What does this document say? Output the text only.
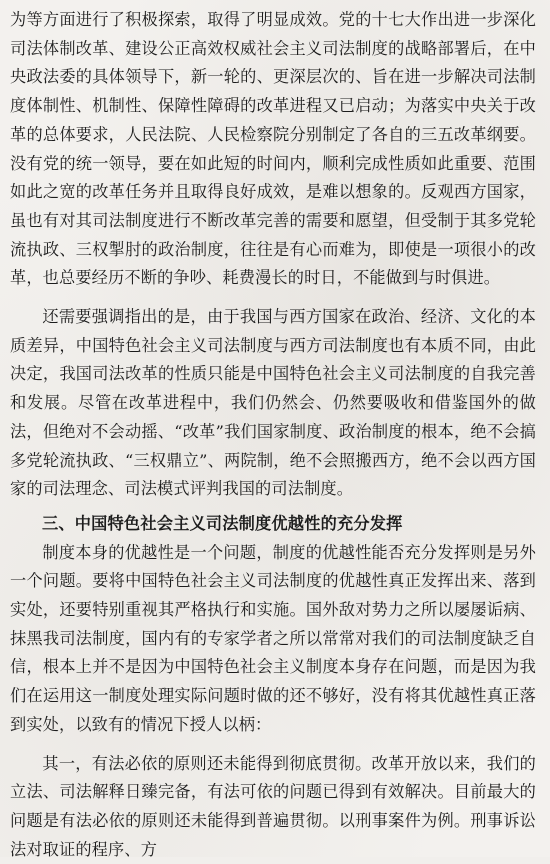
为等方面进行了积极探索，取得了明显成效。党的十七大作出进一步深化司法体制改革、建设公正高效权威社会主义司法制度的战略部署后，在中央政法委的具体领导下，新一轮的、更深层次的、旨在进一步解决司法制度体制性、机制性、保障性障碍的改革进程又已启动；为落实中央关于改革的总体要求，人民法院、人民检察院分别制定了各自的三五改革纲要。没有党的统一领导，要在如此短的时间内，顺利完成性质如此重要、范围如此之宽的改革任务并且取得良好成效，是难以想象的。反观西方国家，虽也有对其司法制度进行不断改革完善的需要和愿望，但受制于其多党轮流执政、三权掣肘的政治制度，往往是有心而难为，即使是一项很小的改革，也总要经历不断的争吵、耗费漫长的时日，不能做到与时俱进。

还需要强调指出的是，由于我国与西方国家在政治、经济、文化的本质差异，中国特色社会主义司法制度与西方司法制度也有本质不同，由此决定，我国司法改革的性质只能是中国特色社会主义司法制度的自我完善和发展。尽管在改革进程中，我们仍然会、仍然要吸收和借鉴国外的做法，但绝对不会动摇、“改革”我们国家制度、政治制度的根本，绝不会搞多党轮流执政、“三权鼎立”、两院制，绝不会照搬西方，绝不会以西方国家的司法理念、司法模式评判我国的司法制度。

三、中国特色社会主义司法制度优越性的充分发挥

制度本身的优越性是一个问题，制度的优越性能否充分发挥则是另外一个问题。要将中国特色社会主义司法制度的优越性真正发挥出来、落到实处，还要特别重视其严格执行和实施。国外敌对势力之所以屡屡诟病、抹黑我司法制度，国内有的专家学者之所以常常对我们的司法制度缺乏自信，根本上并不是因为中国特色社会主义制度本身存在问题，而是因为我们在运用这一制度处理实际问题时做的还不够好，没有将其优越性真正落到实处，以致有的情况下授人以柄：

其一，有法必依的原则还未能得到彻底贯彻。改革开放以来，我们的立法、司法解释日臻完备，有法可依的问题已得到有效解决。目前最大的问题是有法必依的原则还未能得到普遍贯彻。以刑事案件为例。刑事诉讼法对取证的程序、方
